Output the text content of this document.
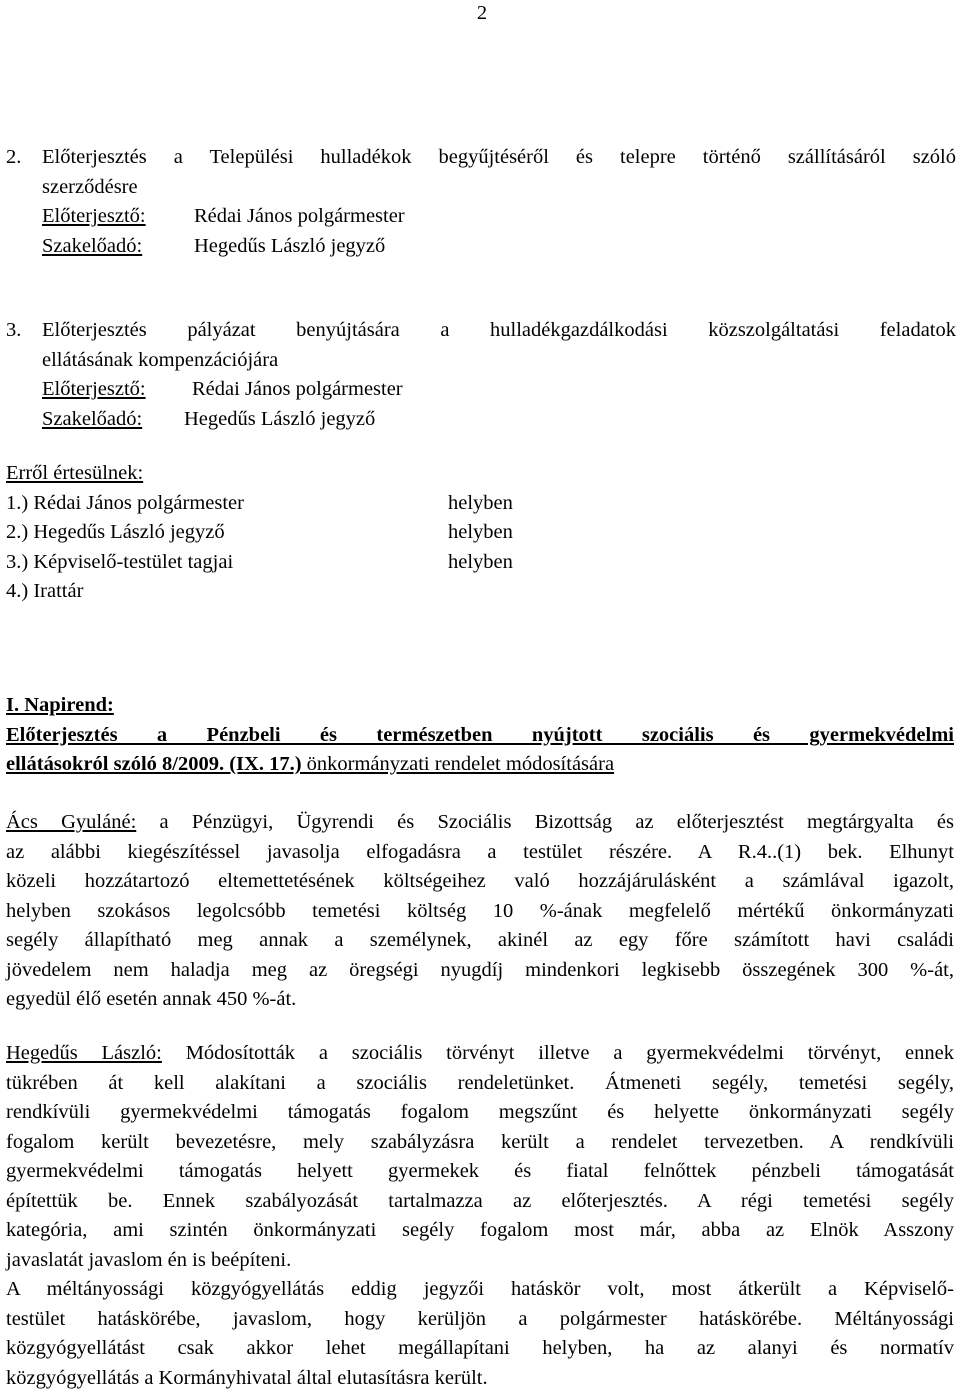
2
2. Előterjesztés a Települési hulladékok begyűjtéséről és telepre történő szállításáról szóló
szerződésre
Előterjesztő: Rédai János polgármester
Szakelőadó:	Hegedűs László jegyző
3. Előterjesztés pályázat benyújtására a hulladékgazdálkodási közszolgáltatási feladatok
ellátásának kompenzációjára
Előterjesztő: Rédai János polgármester
Szakelőadó: Hegedűs László jegyző
Erről értesülnek:
1.) Rédai János polgármester	helyben
2.) Hegedűs László jegyző	helyben
3.) Képviselő-testület tagjai	helyben
4.) Irattár
I. Napirend:
Előterjesztés a Pénzbeli és természetben nyújtott szociális és gyermekvédelmi
ellátásokról szóló 8/2009. (IX. 17.) önkormányzati rendelet módosítására
Ács Gyuláné: a Pénzügyi, Ügyrendi és Szociális Bizottság az előterjesztést megtárgyalta és
az alábbi kiegészítéssel javasolja elfogadásra a testület részére. A R.4..(1) bek. Elhunyt
közeli hozzátartozó eltemettetésének költségeihez való hozzájárulásként a számlával igazolt,
helyben szokásos legolcsóbb temetési költség 10 %-ának megfelelő mértékű önkormányzati
segély állapítható meg annak a személynek, akinél az egy főre számított havi családi
jövedelem nem haladja meg az öregségi nyugdíj mindenkori legkisebb összegének 300 %-át,
egyedül élő esetén annak 450 %-át.
Hegedűs László: Módosították a szociális törvényt illetve a gyermekvédelmi törvényt, ennek
tükrében át kell alakítani a szociális rendeletünket. Átmeneti segély, temetési segély,
rendkívüli gyermekvédelmi támogatás fogalom megszűnt és helyette önkormányzati segély
fogalom került bevezetésre, mely szabályzásra került a rendelet tervezetben. A rendkívüli
gyermekvédelmi támogatás helyett gyermekek és fiatal felnőttek pénzbeli támogatását
építettük be. Ennek szabályozását tartalmazza az előterjesztés. A régi temetési segély
kategória, ami szintén önkormányzati segély fogalom most már, abba az Elnök Asszony
javaslatát javaslom én is beépíteni.
A méltányossági közgyógyellátás eddig jegyzői hatáskör volt, most átkerült a Képviselő-
testület hatáskörébe, javaslom, hogy kerüljön a polgármester hatáskörébe. Méltányossági
közgyógyellátást csak akkor lehet megállapítani helyben, ha az alanyi és normatív
közgyógyellátás a Kormányhivatal által elutasításra került.
